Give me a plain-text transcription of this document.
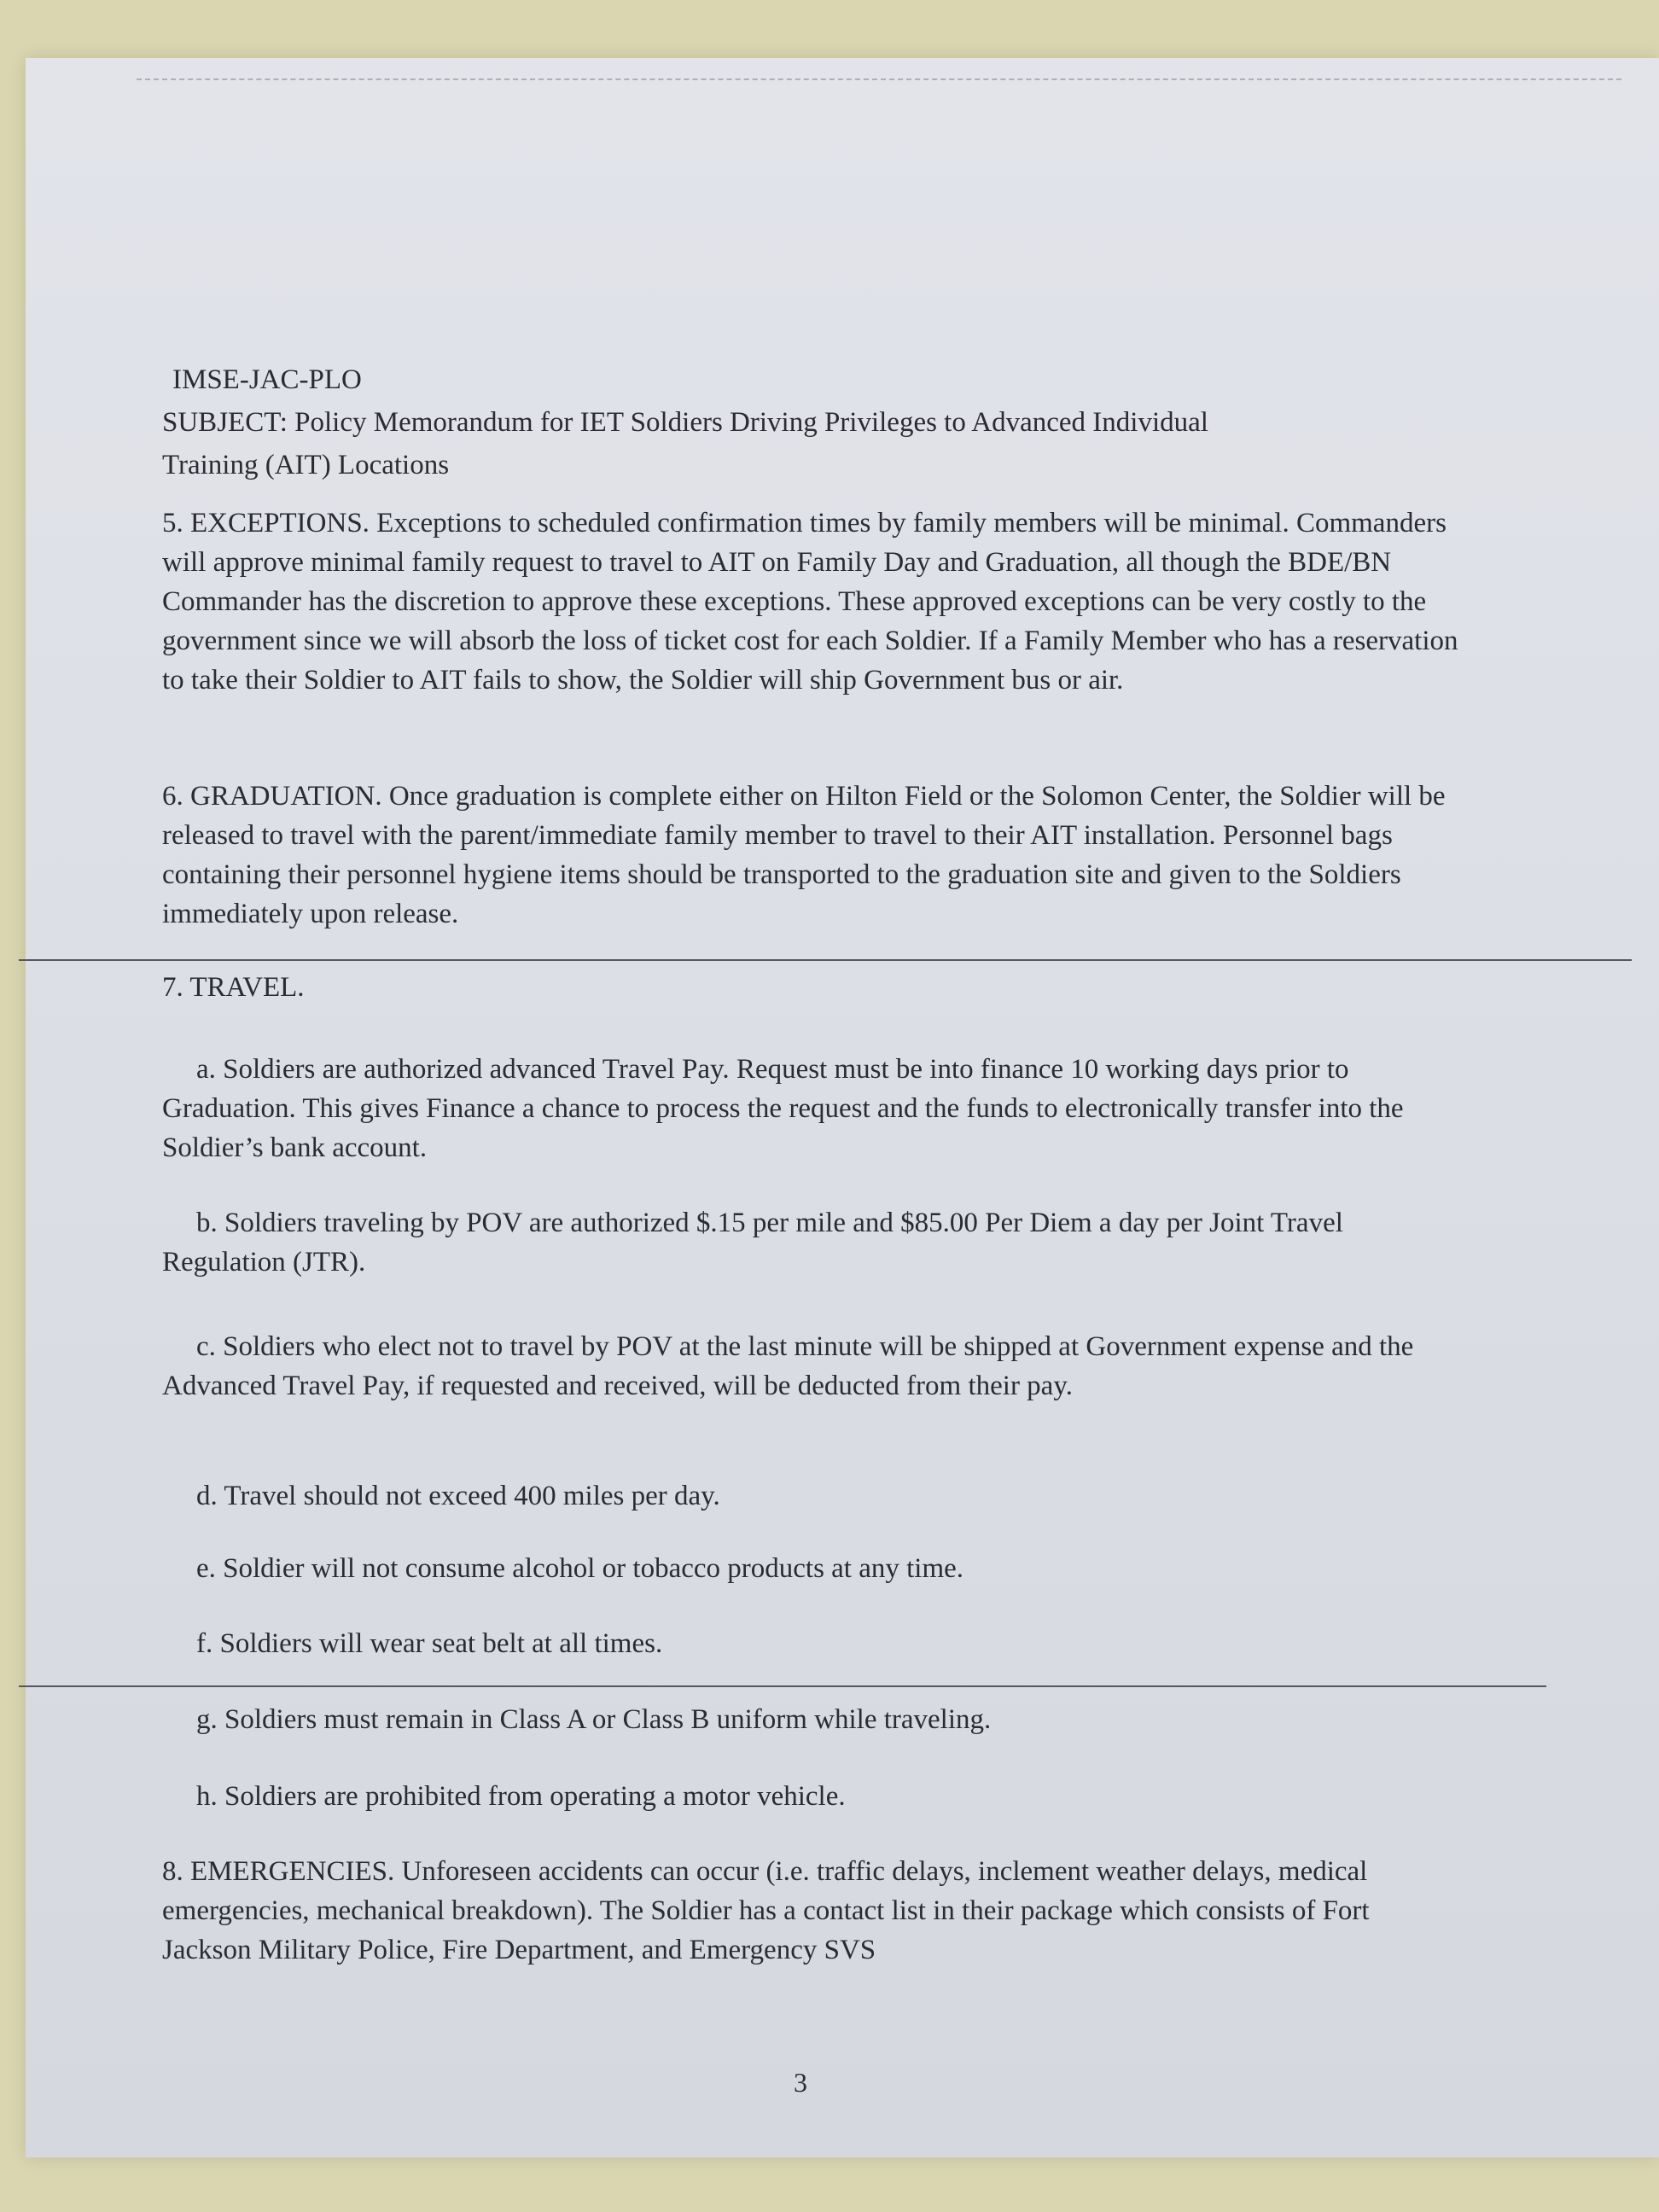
IMSE-JAC-PLO
SUBJECT: Policy Memorandum for IET Soldiers Driving Privileges to Advanced Individual
Training (AIT) Locations

5. EXCEPTIONS. Exceptions to scheduled confirmation times by family members will be minimal. Commanders will approve minimal family request to travel to AIT on Family Day and Graduation, all though the BDE/BN Commander has the discretion to approve these exceptions. These approved exceptions can be very costly to the government since we will absorb the loss of ticket cost for each Soldier. If a Family Member who has a reservation to take their Soldier to AIT fails to show, the Soldier will ship Government bus or air.

6. GRADUATION. Once graduation is complete either on Hilton Field or the Solomon Center, the Soldier will be released to travel with the parent/immediate family member to travel to their AIT installation. Personnel bags containing their personnel hygiene items should be transported to the graduation site and given to the Soldiers immediately upon release.

7. TRAVEL.

a. Soldiers are authorized advanced Travel Pay. Request must be into finance 10 working days prior to Graduation. This gives Finance a chance to process the request and the funds to electronically transfer into the Soldier’s bank account.

b. Soldiers traveling by POV are authorized $.15 per mile and $85.00 Per Diem a day per Joint Travel Regulation (JTR).

c. Soldiers who elect not to travel by POV at the last minute will be shipped at Government expense and the Advanced Travel Pay, if requested and received, will be deducted from their pay.

d. Travel should not exceed 400 miles per day.

e. Soldier will not consume alcohol or tobacco products at any time.

f. Soldiers will wear seat belt at all times.

g. Soldiers must remain in Class A or Class B uniform while traveling.

h. Soldiers are prohibited from operating a motor vehicle.

8. EMERGENCIES. Unforeseen accidents can occur (i.e. traffic delays, inclement weather delays, medical emergencies, mechanical breakdown). The Soldier has a contact list in their package which consists of Fort Jackson Military Police, Fire Department, and Emergency SVS

3
